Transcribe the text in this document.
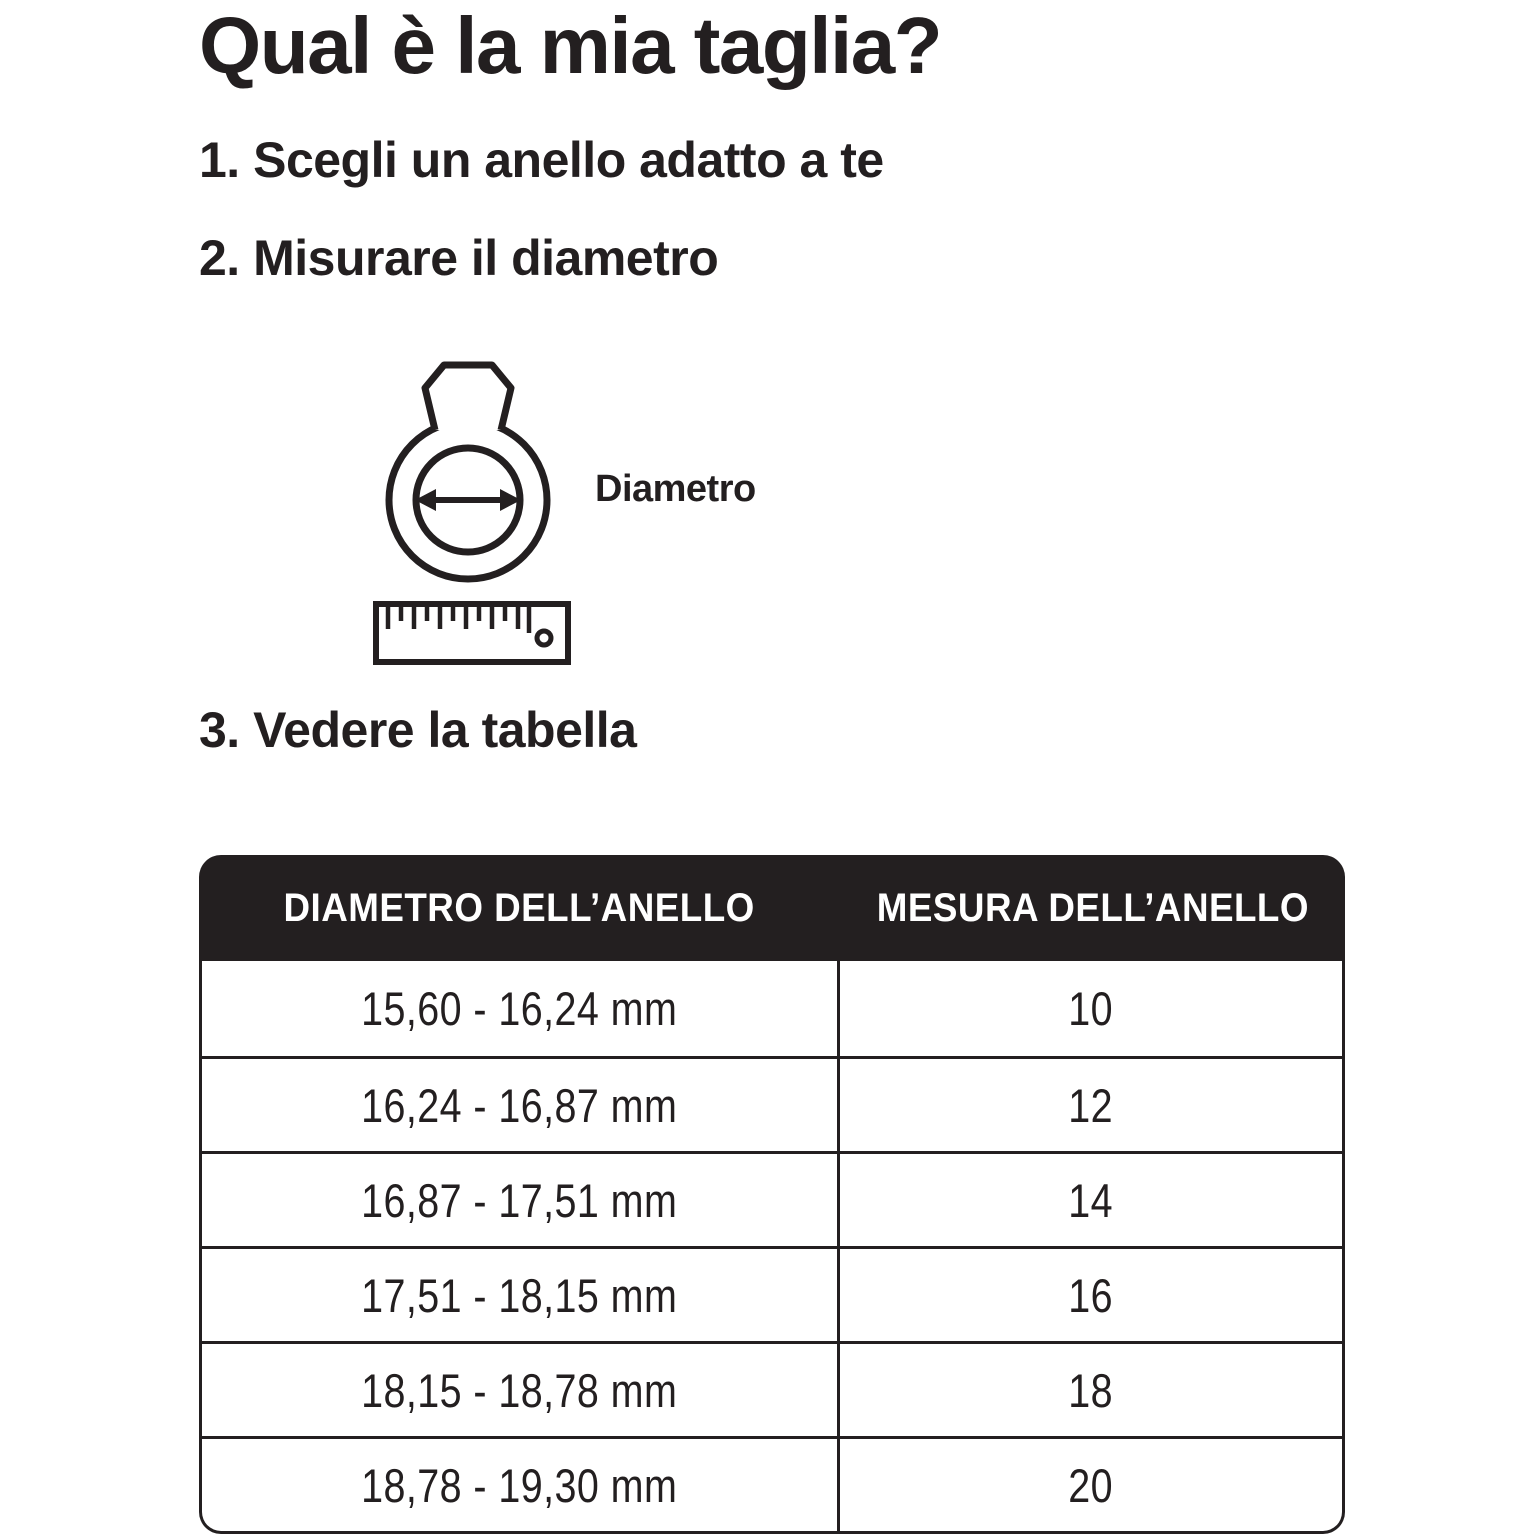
Qual è la mia taglia?

1. Scegli un anello adatto a te

2. Misurare il diametro

Diametro

3. Vedere la tabella

DIAMETRO DELL’ANELLO	MESURA DELL’ANELLO
15,60 - 16,24 mm	10
16,24 - 16,87 mm	12
16,87 - 17,51 mm	14
17,51 - 18,15 mm	16
18,15 - 18,78 mm	18
18,78 - 19,30 mm	20
